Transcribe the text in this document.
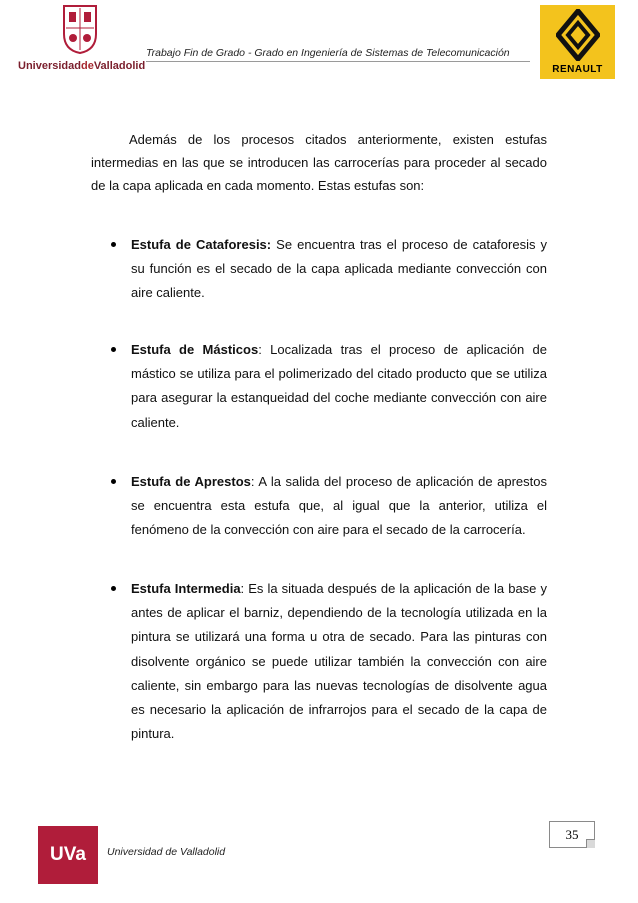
UniversidaddeValladolid
Trabajo Fin de Grado - Grado en Ingeniería de Sistemas de Telecomunicación
RENAULT

Además de los procesos citados anteriormente, existen estufas intermedias en las que se introducen las carrocerías para proceder al secado de la capa aplicada en cada momento. Estas estufas son:

Estufa de Cataforesis: Se encuentra tras el proceso de cataforesis y su función es el secado de la capa aplicada mediante convección con aire caliente.
Estufa de Másticos: Localizada tras el proceso de aplicación de mástico se utiliza para el polimerizado del citado producto que se utiliza para asegurar la estanqueidad del coche mediante convección con aire caliente.
Estufa de Aprestos: A la salida del proceso de aplicación de aprestos se encuentra esta estufa que, al igual que la anterior, utiliza el fenómeno de la convección con aire para el secado de la carrocería.
Estufa Intermedia: Es la situada después de la aplicación de la base y antes de aplicar el barniz, dependiendo de la tecnología utilizada en la pintura se utilizará una forma u otra de secado. Para las pinturas con disolvente orgánico se puede utilizar también la convección con aire caliente, sin embargo para las nuevas tecnologías de disolvente agua es necesario la aplicación de infrarrojos para el secado de la capa de pintura.
35
UVa	Universidad de Valladolid
